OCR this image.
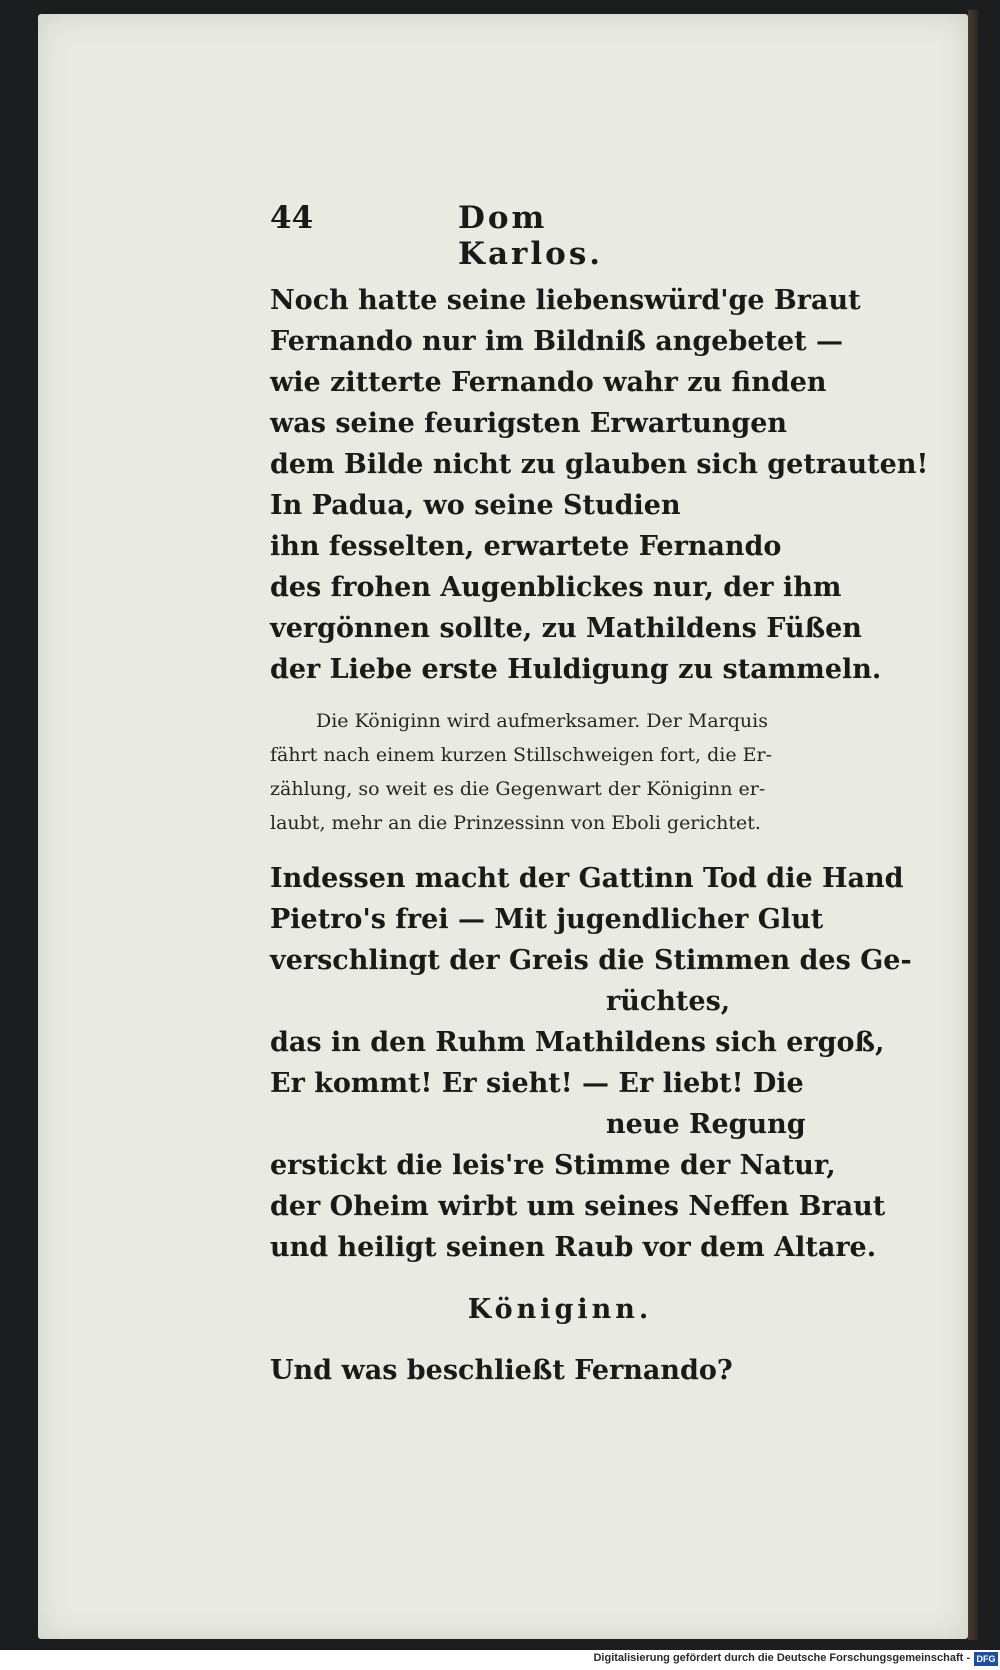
44	Dom Karlos.
Noch hatte seine liebenswürd'ge Braut
Fernando nur im Bildniß angebetet —
wie zitterte Fernando wahr zu finden
was seine feurigsten Erwartungen
dem Bilde nicht zu glauben sich getrauten!
In Padua, wo seine Studien
ihn fesselten, erwartete Fernando
des frohen Augenblickes nur, der ihm
vergönnen sollte, zu Mathildens Füßen
der Liebe erste Huldigung zu stammeln.
Die Königinn wird aufmerksamer. Der Marquis
fährt nach einem kurzen Stillschweigen fort, die Er-
zählung, so weit es die Gegenwart der Königinn er-
laubt, mehr an die Prinzessinn von Eboli gerichtet.
Indessen macht der Gattinn Tod die Hand
Pietro's frei — Mit jugendlicher Glut
verschlingt der Greis die Stimmen des Ge-
rüchtes,
das in den Ruhm Mathildens sich ergoß,
Er kommt! Er sieht! — Er liebt! Die
neue Regung
erstickt die leis're Stimme der Natur,
der Oheim wirbt um seines Neffen Braut
und heiligt seinen Raub vor dem Altare.
Königinn.
Und was beschließt Fernando?
Digitalisierung gefördert durch die Deutsche Forschungsgemeinschaft - DFG
